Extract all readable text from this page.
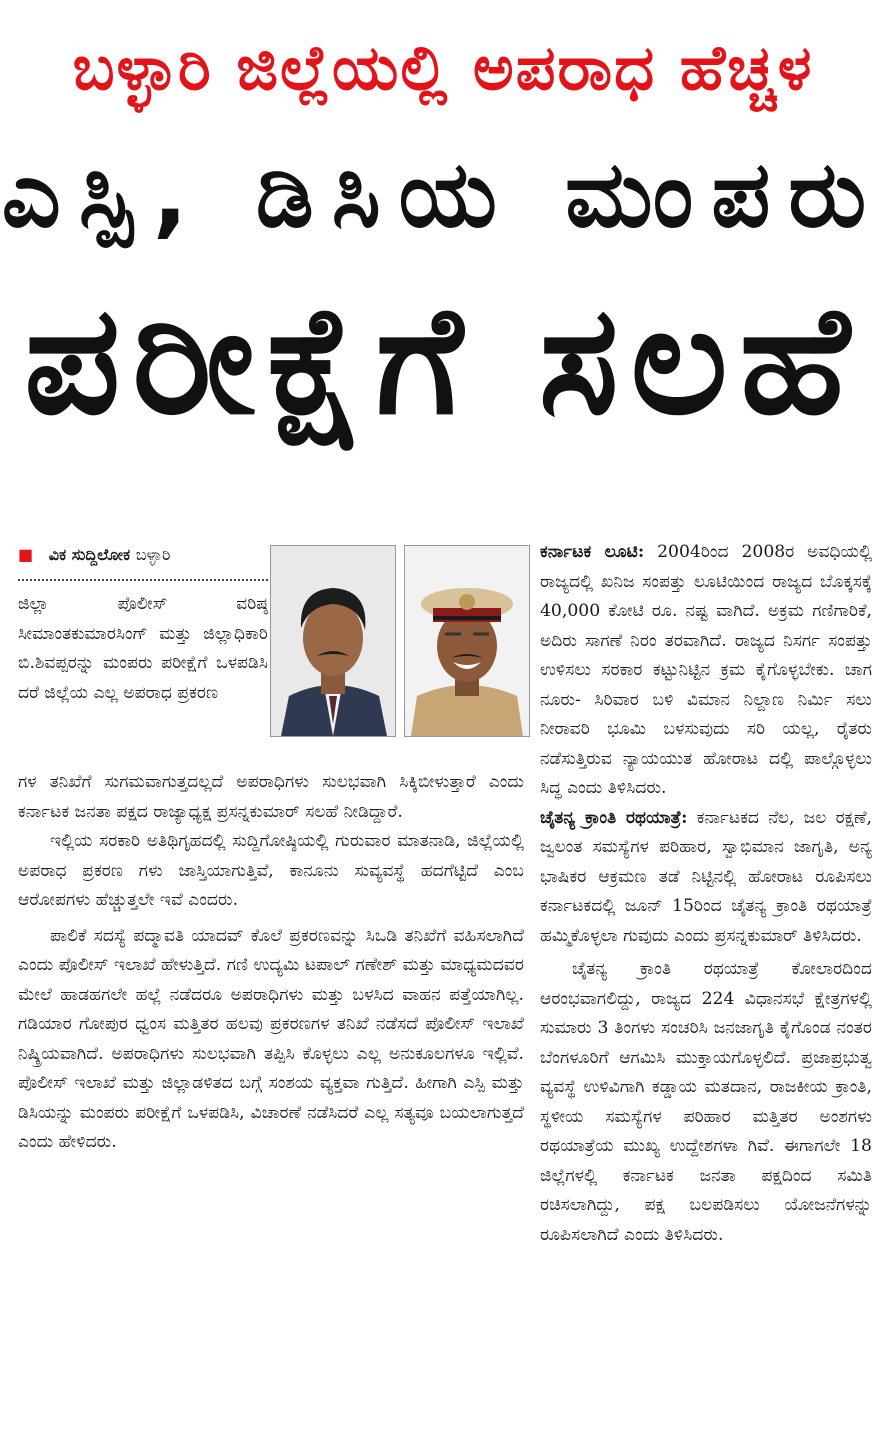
ಬಳ್ಳಾರಿ ಜಿಲ್ಲೆಯಲ್ಲಿ ಅಪರಾಧ ಹೆಚ್ಚಳ
ಎಸ್ಪಿ, ಡಿಸಿಯ ಮಂಪರು
ಪರೀಕ್ಷೆಗೆ ಸಲಹೆ
■ ವಿಕ ಸುದ್ದಿಲೋಕ ಬಳ್ಳಾರಿ
ಜಿಲ್ಲಾ ಪೊಲೀಸ್ ವರಿಷ್ಠ ಸೀಮಾಂತಕುಮಾರಸಿಂಗ್ ಮತ್ತು ಜಿಲ್ಲಾಧಿಕಾರಿ ಬಿ.ಶಿವಪ್ಪರನ್ನು ಮಂಪರು ಪರೀಕ್ಷೆಗೆ ಒಳಪಡಿಸಿ ದರೆ ಜಿಲ್ಲೆಯ ಎಲ್ಲ ಅಪರಾಧ ಪ್ರಕರಣ

ಗಳ ತನಿಖೆಗೆ ಸುಗಮವಾಗುತ್ತದಲ್ಲದೆ ಅಪರಾಧಿಗಳು ಸುಲಭವಾಗಿ ಸಿಕ್ಕಿಬೀಳುತ್ತಾರೆ ಎಂದು ಕರ್ನಾಟಕ ಜನತಾ ಪಕ್ಷದ ರಾಜ್ಯಾಧ್ಯಕ್ಷ ಪ್ರಸನ್ನಕುಮಾರ್ ಸಲಹೆ ನೀಡಿದ್ದಾರೆ.

ಇಲ್ಲಿಯ ಸರಕಾರಿ ಅತಿಥಿಗೃಹದಲ್ಲಿ ಸುದ್ದಿಗೋಷ್ಠಿಯಲ್ಲಿ ಗುರುವಾರ ಮಾತನಾಡಿ, ಜಿಲ್ಲೆಯಲ್ಲಿ ಅಪರಾಧ ಪ್ರಕರಣ ಗಳು ಜಾಸ್ತಿಯಾಗುತ್ತಿವೆ, ಕಾನೂನು ಸುವ್ಯವಸ್ಥೆ ಹದಗೆಟ್ಟಿದೆ ಎಂಬ ಆರೋಪಗಳು ಹೆಚ್ಚುತ್ತಲೇ ಇವೆ ಎಂದರು.

ಪಾಲಿಕೆ ಸದಸ್ಯೆ ಪದ್ಮಾವತಿ ಯಾದವ್ ಕೊಲೆ ಪ್ರಕರಣವನ್ನು ಸಿಒಡಿ ತನಿಖೆಗೆ ವಹಿಸಲಾಗಿದೆ ಎಂದು ಪೊಲೀಸ್ ಇಲಾಖೆ ಹೇಳುತ್ತಿದೆ. ಗಣಿ ಉದ್ಯಮಿ ಟಪಾಲ್ ಗಣೇಶ್ ಮತ್ತು ಮಾಧ್ಯಮದವರ ಮೇಲೆ ಹಾಡಹಗಲೇ ಹಲ್ಲೆ ನಡೆದರೂ ಅಪರಾಧಿಗಳು ಮತ್ತು ಬಳಸಿದ ವಾಹನ ಪತ್ತೆಯಾಗಿಲ್ಲ. ಗಡಿಯಾರ ಗೋಪುರ ಧ್ವಂಸ ಮತ್ತಿತರ ಹಲವು ಪ್ರಕರಣಗಳ ತನಿಖೆ ನಡೆಸದೆ ಪೊಲೀಸ್ ಇಲಾಖೆ ನಿಷ್ಕ್ರಿಯವಾಗಿದೆ. ಅಪರಾಧಿಗಳು ಸುಲಭವಾಗಿ ತಪ್ಪಿಸಿ ಕೊಳ್ಳಲು ಎಲ್ಲ ಅನುಕೂಲಗಳೂ ಇಲ್ಲಿವೆ. ಪೊಲೀಸ್ ಇಲಾಖೆ ಮತ್ತು ಜಿಲ್ಲಾಡಳಿತದ ಬಗ್ಗೆ ಸಂಶಯ ವ್ಯಕ್ತವಾ ಗುತ್ತಿದೆ. ಹೀಗಾಗಿ ಎಸ್ಪಿ ಮತ್ತು ಡಿಸಿಯನ್ನು ಮಂಪರು ಪರೀಕ್ಷೆಗೆ ಒಳಪಡಿಸಿ, ವಿಚಾರಣೆ ನಡೆಸಿದರೆ ಎಲ್ಲ ಸತ್ಯವೂ ಬಯಲಾಗುತ್ತದೆ ಎಂದು ಹೇಳಿದರು.

ಕರ್ನಾಟಕ ಲೂಟಿ: 2004ರಿಂದ 2008ರ ಅವಧಿಯಲ್ಲಿ ರಾಜ್ಯದಲ್ಲಿ ಖನಿಜ ಸಂಪತ್ತು ಲೂಟಿಯಿಂದ ರಾಜ್ಯದ ಬೊಕ್ಕಸಕ್ಕೆ 40,000 ಕೋಟಿ ರೂ. ನಷ್ಟ ವಾಗಿದೆ. ಅಕ್ರಮ ಗಣಿಗಾರಿಕೆ, ಅದಿರು ಸಾಗಣೆ ನಿರಂ ತರವಾಗಿದೆ. ರಾಜ್ಯದ ನಿಸರ್ಗ ಸಂಪತ್ತು ಉಳಿಸಲು ಸರಕಾರ ಕಟ್ಟುನಿಟ್ಟಿನ ಕ್ರಮ ಕೈಗೊಳ್ಳಬೇಕು. ಚಾಗ ನೂರು- ಸಿರಿವಾರ ಬಳಿ ವಿಮಾನ ನಿಲ್ದಾಣ ನಿರ್ಮಿ ಸಲು ನೀರಾವರಿ ಭೂಮಿ ಬಳಸುವುದು ಸರಿ ಯಲ್ಲ, ರೈತರು ನಡೆಸುತ್ತಿರುವ ನ್ಯಾಯಯುತ ಹೋರಾಟ ದಲ್ಲಿ ಪಾಲ್ಗೊಳ್ಳಲು ಸಿದ್ಧ ಎಂದು ತಿಳಿಸಿದರು.

ಚೈತನ್ಯ ಕ್ರಾಂತಿ ರಥಯಾತ್ರೆ: ಕರ್ನಾಟಕದ ನೆಲ, ಜಲ ರಕ್ಷಣೆ, ಜ್ವಲಂತ ಸಮಸ್ಯೆಗಳ ಪರಿಹಾರ, ಸ್ವಾಭಿಮಾನ ಜಾಗೃತಿ, ಅನ್ಯ ಭಾಷಿಕರ ಆಕ್ರಮಣ ತಡೆ ನಿಟ್ಟಿನಲ್ಲಿ ಹೋರಾಟ ರೂಪಿಸಲು ಕರ್ನಾಟಕದಲ್ಲಿ ಜೂನ್ 15ರಿಂದ ಚೈತನ್ಯ ಕ್ರಾಂತಿ ರಥಯಾತ್ರೆ ಹಮ್ಮಿಕೊಳ್ಳಲಾ ಗುವುದು ಎಂದು ಪ್ರಸನ್ನಕುಮಾರ್ ತಿಳಿಸಿದರು.

ಚೈತನ್ಯ ಕ್ರಾಂತಿ ರಥಯಾತ್ರೆ ಕೋಲಾರದಿಂದ ಆರಂಭವಾಗಲಿದ್ದು, ರಾಜ್ಯದ 224 ವಿಧಾನಸಭೆ ಕ್ಷೇತ್ರಗಳಲ್ಲಿ ಸುಮಾರು 3 ತಿಂಗಳು ಸಂಚರಿಸಿ ಜನಜಾಗೃತಿ ಕೈಗೊಂಡ ನಂತರ ಬೆಂಗಳೂರಿಗೆ ಆಗಮಿಸಿ ಮುಕ್ತಾಯಗೊಳ್ಳಲಿದೆ. ಪ್ರಜಾಪ್ರಭುತ್ವ ವ್ಯವಸ್ಥೆ ಉಳಿವಿಗಾಗಿ ಕಡ್ಡಾಯ ಮತದಾನ, ರಾಜಕೀಯ ಕ್ರಾಂತಿ, ಸ್ಥಳೀಯ ಸಮಸ್ಯೆಗಳ ಪರಿಹಾರ ಮತ್ತಿತರ ಅಂಶಗಳು ರಥಯಾತ್ರೆಯ ಮುಖ್ಯ ಉದ್ದೇಶಗಳಾ ಗಿವೆ. ಈಗಾಗಲೇ 18 ಜಿಲ್ಲೆಗಳಲ್ಲಿ ಕರ್ನಾಟಕ ಜನತಾ ಪಕ್ಷದಿಂದ ಸಮಿತಿ ರಚಿಸಲಾಗಿದ್ದು, ಪಕ್ಷ ಬಲಪಡಿಸಲು ಯೋಜನೆಗಳನ್ನು ರೂಪಿಸಲಾಗಿದೆ ಎಂದು ತಿಳಿಸಿದರು.
